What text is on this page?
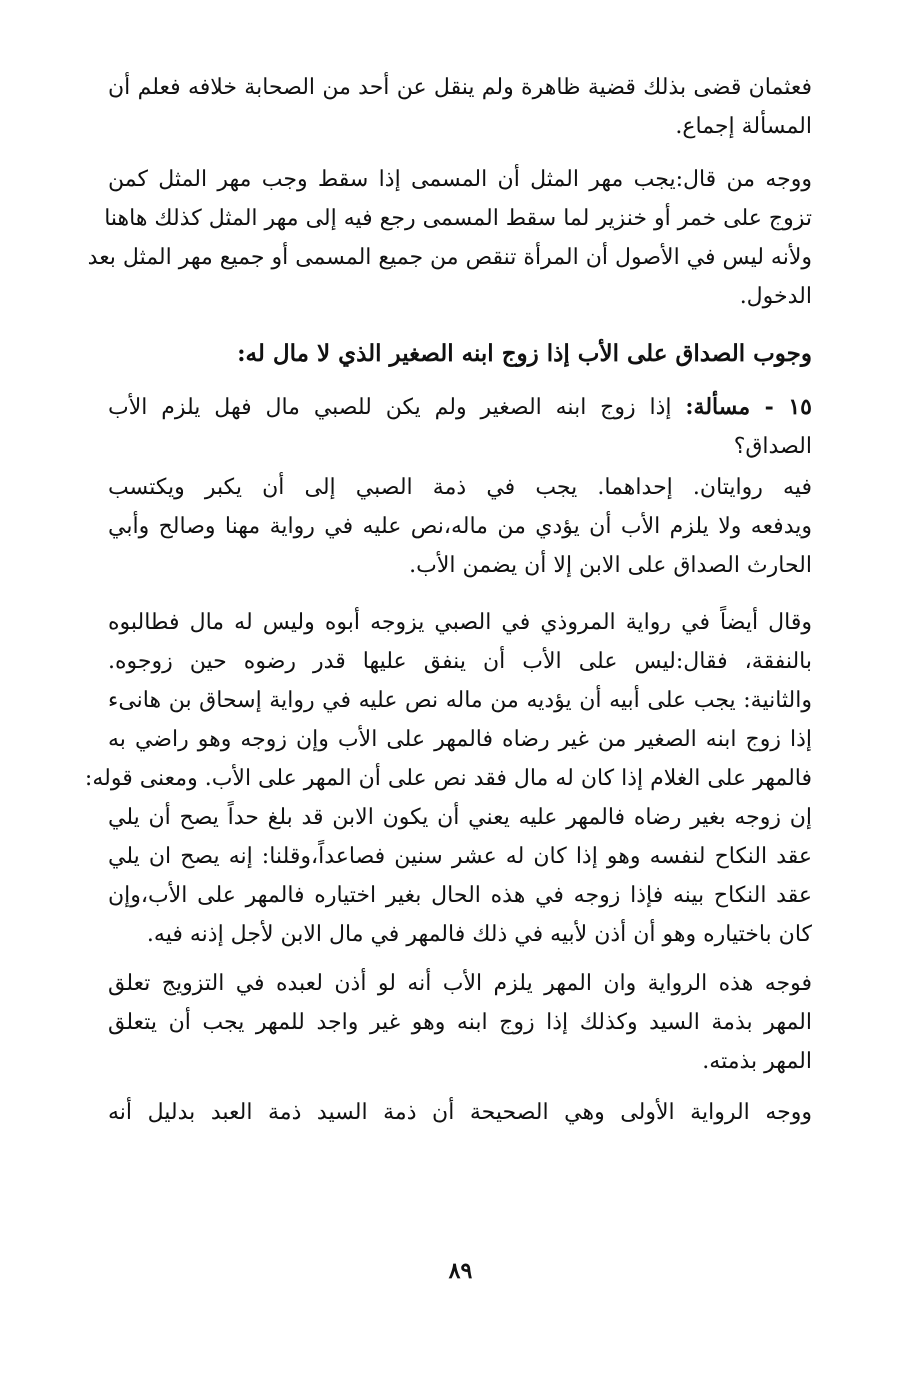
فعثمان قضى بذلك قضية ظاهرة ولم ينقل عن أحد من الصحابة خلافه فعلم أن
المسألة إجماع.

ووجه من قال:يجب مهر المثل أن المسمى إذا سقط وجب مهر المثل كمن
تزوج على خمر أو خنزير لما سقط المسمى رجع فيه إلى مهر المثل كذلك هاهنا
ولأنه ليس في الأصول أن المرأة تنقص من جميع المسمى أو جميع مهر المثل بعد
الدخول.

وجوب الصداق على الأب إذا زوج ابنه الصغير الذي لا مال له:

١٥ - مسألة: إذا زوج ابنه الصغير ولم يكن للصبي مال فهل يلزم الأب
الصداق؟

فيه روايتان. إحداهما. يجب في ذمة الصبي إلى أن يكبر ويكتسب
ويدفعه ولا يلزم الأب أن يؤدي من ماله،نص عليه في رواية مهنا وصالح وأبي
الحارث الصداق على الابن إلا أن يضمن الأب.

وقال أيضاً في رواية المروذي في الصبي يزوجه أبوه وليس له مال فطالبوه
بالنفقة، فقال:ليس على الأب أن ينفق عليها قدر رضوه حين زوجوه.
والثانية: يجب على أبيه أن يؤديه من ماله نص عليه في رواية إسحاق بن هانىء
إذا زوج ابنه الصغير من غير رضاه فالمهر على الأب وإن زوجه وهو راضي به
فالمهر على الغلام إذا كان له مال فقد نص على أن المهر على الأب. ومعنى قوله:
إن زوجه بغير رضاه فالمهر عليه يعني أن يكون الابن قد بلغ حداً يصح أن يلي
عقد النكاح لنفسه وهو إذا كان له عشر سنين فصاعداً،وقلنا: إنه يصح ان يلي
عقد النكاح بينه فإذا زوجه في هذه الحال بغير اختياره فالمهر على الأب،وإن
كان باختياره وهو أن أذن لأبيه في ذلك فالمهر في مال الابن لأجل إذنه فيه.

فوجه هذه الرواية وان المهر يلزم الأب أنه لو أذن لعبده في التزويج تعلق
المهر بذمة السيد وكذلك إذا زوج ابنه وهو غير واجد للمهر يجب أن يتعلق
المهر بذمته.

ووجه الرواية الأولى وهي الصحيحة أن ذمة السيد ذمة العبد بدليل أنه

٨٩
